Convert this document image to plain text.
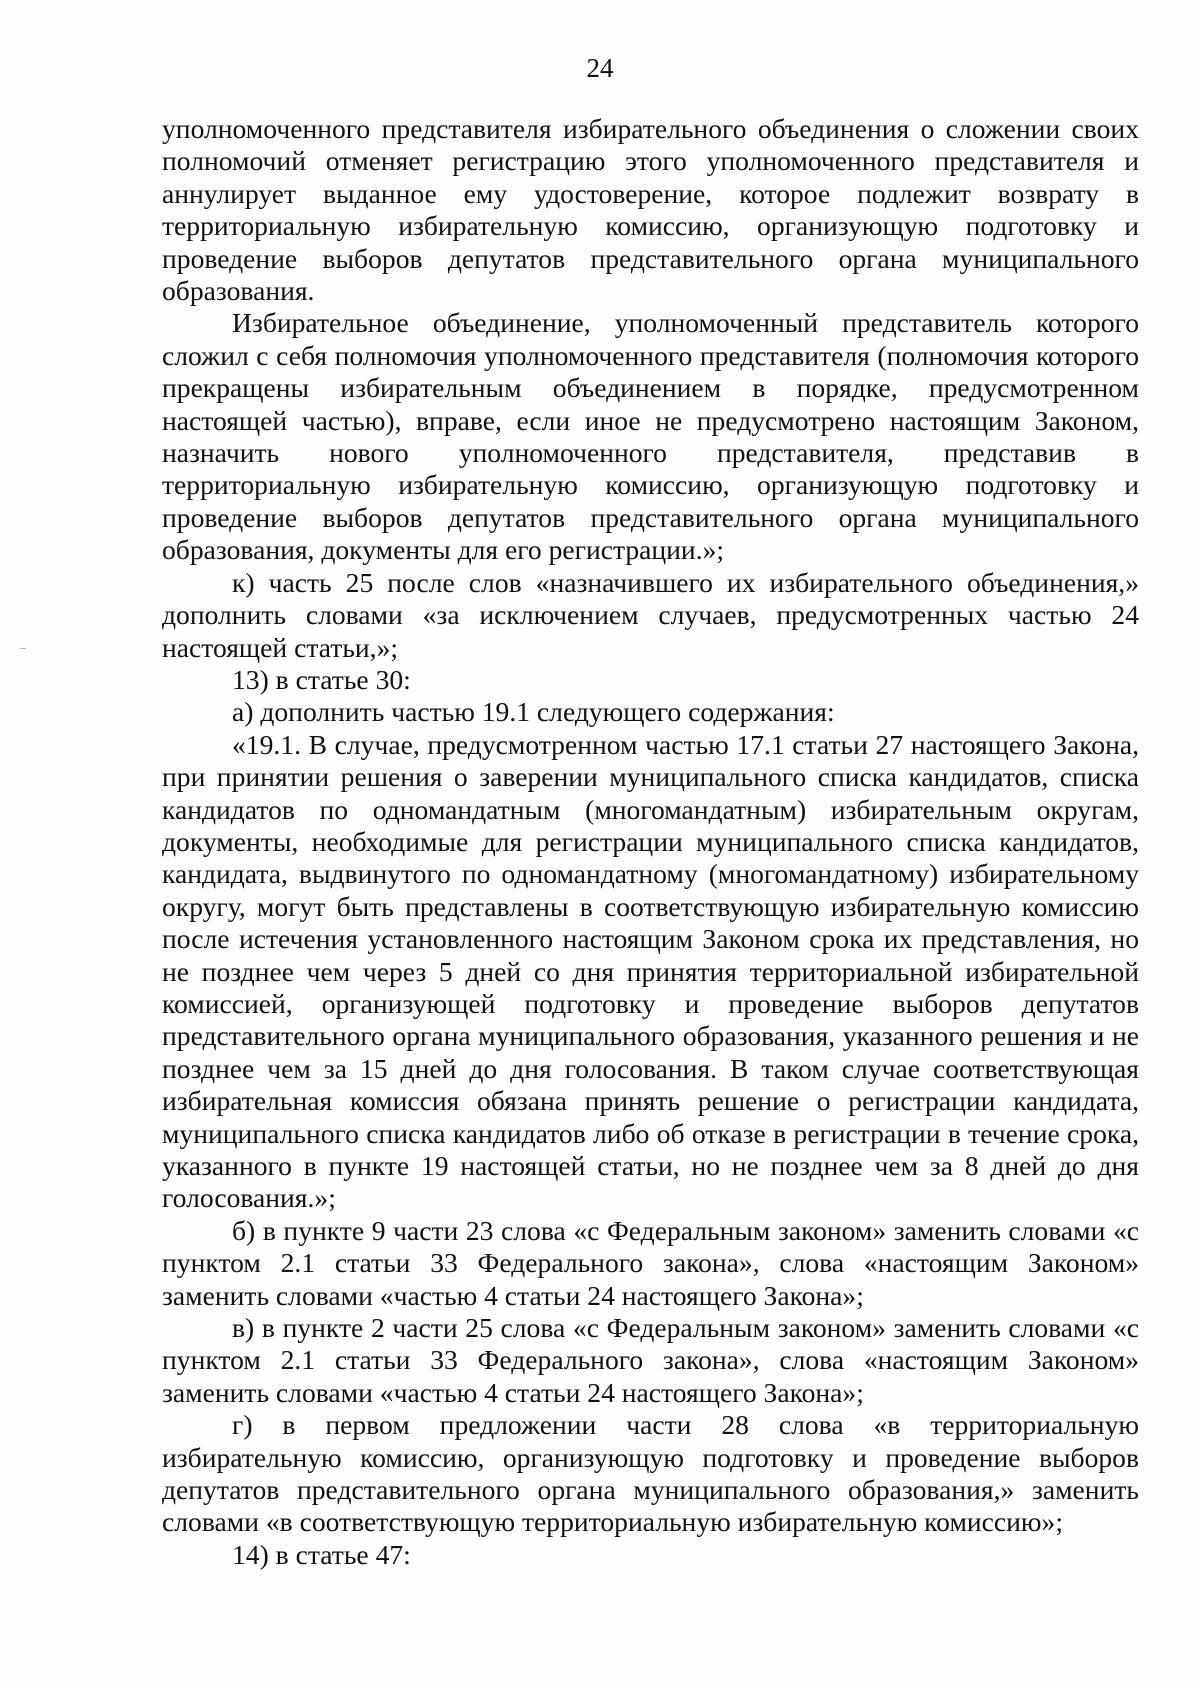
24

уполномоченного представителя избирательного объединения о сложении своих полномочий отменяет регистрацию этого уполномоченного представителя и аннулирует выданное ему удостоверение, которое подлежит возврату в территориальную избирательную комиссию, организующую подготовку и проведение выборов депутатов представительного органа муниципального образования.

Избирательное объединение, уполномоченный представитель которого сложил с себя полномочия уполномоченного представителя (полномочия которого прекращены избирательным объединением в порядке, предусмотренном настоящей частью), вправе, если иное не предусмотрено настоящим Законом, назначить нового уполномоченного представителя, представив в территориальную избирательную комиссию, организующую подготовку и проведение выборов депутатов представительного органа муниципального образования, документы для его регистрации.»;

к) часть 25 после слов «назначившего их избирательного объединения,» дополнить словами «за исключением случаев, предусмотренных частью 24 настоящей статьи,»;

13) в статье 30:

а) дополнить частью 19.1 следующего содержания:

«19.1. В случае, предусмотренном частью 17.1 статьи 27 настоящего Закона, при принятии решения о заверении муниципального списка кандидатов, списка кандидатов по одномандатным (многомандатным) избирательным округам, документы, необходимые для регистрации муниципального списка кандидатов, кандидата, выдвинутого по одномандатному (многомандатному) избирательному округу, могут быть представлены в соответствующую избирательную комиссию после истечения установленного настоящим Законом срока их представления, но не позднее чем через 5 дней со дня принятия территориальной избирательной комиссией, организующей подготовку и проведение выборов депутатов представительного органа муниципального образования, указанного решения и не позднее чем за 15 дней до дня голосования. В таком случае соответствующая избирательная комиссия обязана принять решение о регистрации кандидата, муниципального списка кандидатов либо об отказе в регистрации в течение срока, указанного в пункте 19 настоящей статьи, но не позднее чем за 8 дней до дня голосования.»;

б) в пункте 9 части 23 слова «с Федеральным законом» заменить словами «с пунктом 2.1 статьи 33 Федерального закона», слова «настоящим Законом» заменить словами «частью 4 статьи 24 настоящего Закона»;

в) в пункте 2 части 25 слова «с Федеральным законом» заменить словами «с пунктом 2.1 статьи 33 Федерального закона», слова «настоящим Законом» заменить словами «частью 4 статьи 24 настоящего Закона»;

г) в первом предложении части 28 слова «в территориальную избирательную комиссию, организующую подготовку и проведение выборов депутатов представительного органа муниципального образования,» заменить словами «в соответствующую территориальную избирательную комиссию»;

14) в статье 47:
